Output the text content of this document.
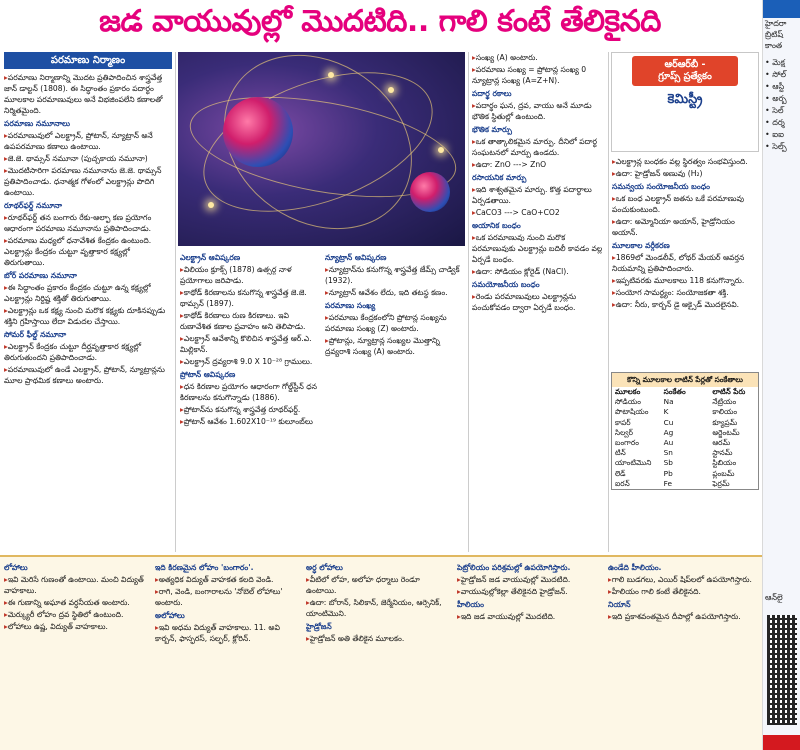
జడ వాయువుల్లో మొదటిది.. గాలి కంటే తేలికైనది
పరమాణు నిర్మాణం

▸ పరమాణు నిర్మాణాన్ని మొదట ప్రతిపాదించిన శాస్త్రవేత్త జాన్ డాల్టన్ (1808). ఈ సిద్ధాంతం ప్రకారం పదార్థం మూలకాల పరమాణువులు అనే విభజింపలేని కణాలతో నిర్మితమైంది.

పరమాణు నమూనాలు

▸ పరమాణువులో ఎలక్ట్రాన్, ప్రోటాన్, న్యూట్రాన్ అనే ఉపపరమాణు కణాలు ఉంటాయి.

▸ జె.జె. థామ్సన్ నమూనా (పుచ్చకాయ నమూనా)

▸ మొదటిసారిగా పరమాణు నమూనాను జె.జె. థామ్సన్ ప్రతిపాదించాడు. ధనాత్మక గోళంలో ఎలక్ట్రాన్లు పొదిగి ఉంటాయి.

రూథర్‌ఫర్డ్ నమూనా

▸ రూథర్‌ఫర్డ్ తన బంగారు రేకు-ఆల్ఫా కణ ప్రయోగం ఆధారంగా పరమాణు నమూనాను ప్రతిపాదించాడు.

▸ పరమాణు మధ్యలో ధనావేశిత కేంద్రకం ఉంటుంది. ఎలక్ట్రాన్లు కేంద్రకం చుట్టూ వృత్తాకార కక్ష్యల్లో తిరుగుతాయి.

బోర్ పరమాణు నమూనా

▸ ఈ సిద్ధాంతం ప్రకారం కేంద్రకం చుట్టూ ఉన్న కక్ష్యల్లో ఎలక్ట్రాన్లు నిర్దిష్ట శక్తితో తిరుగుతాయి.

▸ ఎలక్ట్రాన్లు ఒక కక్ష్య నుంచి మరొక కక్ష్యకు దూకినప్పుడు శక్తిని గ్రహిస్తాయి లేదా విడుదల చేస్తాయి.

సోమర్ ఫీల్డ్ నమూనా

▸ ఎలక్ట్రాన్ కేంద్రకం చుట్టూ దీర్ఘవృత్తాకార కక్ష్యల్లో తిరుగుతుందని ప్రతిపాదించాడు.

▸ పరమాణువులో ఉండే ఎలక్ట్రాన్, ప్రోటాన్, న్యూట్రాన్లను మూల ప్రాథమిక కణాలు అంటారు.

ఎలక్ట్రాన్ ఆవిష్కరణ

▸ విలియం క్రూక్స్ (1878) ఉత్సర్గ నాళ ప్రయోగాలు జరిపాడు.

▸ కాథోడ్ కిరణాలను కనుగొన్న శాస్త్రవేత్త జె.జె. థామ్సన్ (1897).

▸ కాథోడ్ కిరణాలు రుణ కిరణాలు. ఇవి రుణావేశిత కణాల ప్రవాహం అని తెలిపాడు.

▸ ఎలక్ట్రాన్ ఆవేశాన్ని కొలిచిన శాస్త్రవేత్త ఆర్.ఎ. మిల్లికాన్.

▸ ఎలక్ట్రాన్ ద్రవ్యరాశి 9.0 X 10⁻²⁸ గ్రాములు.

ప్రోటాన్ ఆవిష్కరణ

▸ ధన కిరణాల ప్రయోగం ఆధారంగా గోల్డ్‌స్టీన్ ధన కిరణాలను కనుగొన్నాడు (1886).

▸ ప్రోటాన్‌ను కనుగొన్న శాస్త్రవేత్త రూథర్‌ఫర్డ్.

▸ ప్రోటాన్ ఆవేశం 1.602X10⁻¹⁹ కులూంబ్‌లు

న్యూట్రాన్ ఆవిష్కరణ

▸ న్యూట్రాన్‌ను కనుగొన్న శాస్త్రవేత్త జేమ్స్ చాడ్విక్ (1932).

▸ న్యూట్రాన్ ఆవేశం లేదు, ఇది తటస్థ కణం.

పరమాణు సంఖ్య

▸ పరమాణు కేంద్రకంలోని ప్రోటాన్ల సంఖ్యను పరమాణు సంఖ్య (Z) అంటారు.

▸ ప్రోటాన్లు, న్యూట్రాన్ల సంఖ్యల మొత్తాన్ని ద్రవ్యరాశి సంఖ్య (A) అంటారు.

▸ సంఖ్య (A) అంటారు.

▸ పరమాణు సంఖ్య = ప్రోటాన్ల సంఖ్య 0 న్యూట్రాన్ల సంఖ్య (A=Z+N).

పదార్థ రకాలు

▸ పదార్థం ఘన, ద్రవ, వాయు అనే మూడు భౌతిక స్థితుల్లో ఉంటుంది.

భౌతిక మార్పు

▸ ఒక తాత్కాలికమైన మార్పు. దీనిలో పదార్థ సంఘటనలో మార్పు ఉండదు.

▸ ఉదా: ZnO ---> ZnO

రసాయనిక మార్పు

▸ ఇది శాశ్వతమైన మార్పు. కొత్త పదార్థాలు ఏర్పడతాయి.

▸ CaCO3 ---> CaO+CO2

అయానిక బంధం

▸ ఒక పరమాణువు నుంచి మరొక పరమాణువుకు ఎలక్ట్రాన్లు బదిలీ కావడం వల్ల ఏర్పడే బంధం.

▸ ఉదా: సోడియం క్లోరైడ్ (NaCl).

సమయోజనీయ బంధం

▸ రెండు పరమాణువులు ఎలక్ట్రాన్లను పంచుకోవడం ద్వారా ఏర్పడే బంధం.

ఆర్ఆర్‌బీ -
గ్రూప్స్ ప్రత్యేకం
కెమిస్ట్రీ

▸ ఎలక్ట్రాన్ల బంధకం వల్ల స్థిరత్వం సంభవిస్తుంది.

▸ ఉదా: హైడ్రోజన్ అణువు (H₂)

సమన్వయ సంయోజనీయ బంధం

▸ ఒక బంధ ఎలక్ట్రాన్ జతను ఒకే పరమాణువు పంచుకుంటుంది.

▸ ఉదా: అమ్మోనియా అయాన్, హైడ్రోనియం అయాన్.

మూలకాల వర్గీకరణ

▸ 1869లో మెండలీవ్, లోథర్ మేయర్ ఆవర్తన నియమాన్ని ప్రతిపాదించారు.

▸ ఇప్పటివరకు మూలకాలు 118 కనుగొన్నారు.

▸ సంయోగ సామర్థ్యం: సంయోజకతా శక్తి.

▸ ఉదా: నీరు, కార్బన్ డై ఆక్సైడ్ మొదలైనవి.

కొన్ని మూలకాల లాటిన్ పేర్లతో సంకేతాలు
మూలకం	సంకేతం	లాటిన్ పేరు
సోడియం	Na	నేట్రియం
పొటాషియం	K	కాలియం
కాపర్	Cu	క్యూప్రమ్
సిల్వర్	Ag	అర్జెంటమ్
బంగారం	Au	ఆరమ్
టిన్	Sn	స్టానమ్
యాంటిమొని	Sb	స్టిబియం
లెడ్	Pb	ప్లంబమ్
ఐరన్	Fe	ఫెర్రమ్

లోహాలు

▸ ఇవి మెరిసే గుణంతో ఉంటాయి. మంచి విద్యుత్ వాహకాలు.

▸ ఈ గుణాన్ని అఘాత వర్ధనీయత అంటారు.

▸ మెర్క్యురీ లోహం ద్రవ స్థితిలో ఉంటుంది.

▸ లోహాలు ఉష్ణ, విద్యుత్ వాహకాలు.

ఇది కిరణమైన లోహం 'బంగారం'.

▸ అత్యధిక విద్యుత్ వాహకత కలది వెండి.

▸ రాగి, వెండి, బంగారాలను 'నోబెల్ లోహాలు' అంటారు.

అలోహాలు

▸ ఇవి అధమ విద్యుత్ వాహకాలు. 11. అవి కార్బన్, ఫాస్ఫరస్, సల్ఫర్, క్లోరిన్.

అర్ధ లోహాలు

▸ వీటిలో లోహ, అలోహ ధర్మాలు రెండూ ఉంటాయి.

▸ ఉదా: బోరాన్, సిలికాన్, జెర్మేనియం, ఆర్సెనిక్, యాంటిమొని.

హైడ్రోజన్

▸ హైడ్రోజన్ అతి తేలికైన మూలకం.

పెట్రోలియం పరిశ్రమల్లో ఉపయోగిస్తారు.

▸ హైడ్రోజన్ జడ వాయువుల్లో మొదటిది.

▸ వాయువుల్లోకెల్లా తేలికైనది హైడ్రోజన్.

హీలియం

▸ ఇది జడ వాయువుల్లో మొదటిది.

ఉండేది హీలియం.

▸ గాలి బుడగలు, ఎయిర్ షిప్‌లలో ఉపయోగిస్తారు.

▸ హీలియం గాలి కంటే తేలికైనది.

నియాన్

▸ ఇది ప్రకాశవంతమైన దీపాల్లో ఉపయోగిస్తారు.

హైదరా
బ్రిటిష్
కాంత
• మెక్ష
• సోల్
• ఆస్టీ
• అర్బ
• సెల్
• దర్శ
• ఐఐ
• సెల్ప్
ఆన్‌లై
